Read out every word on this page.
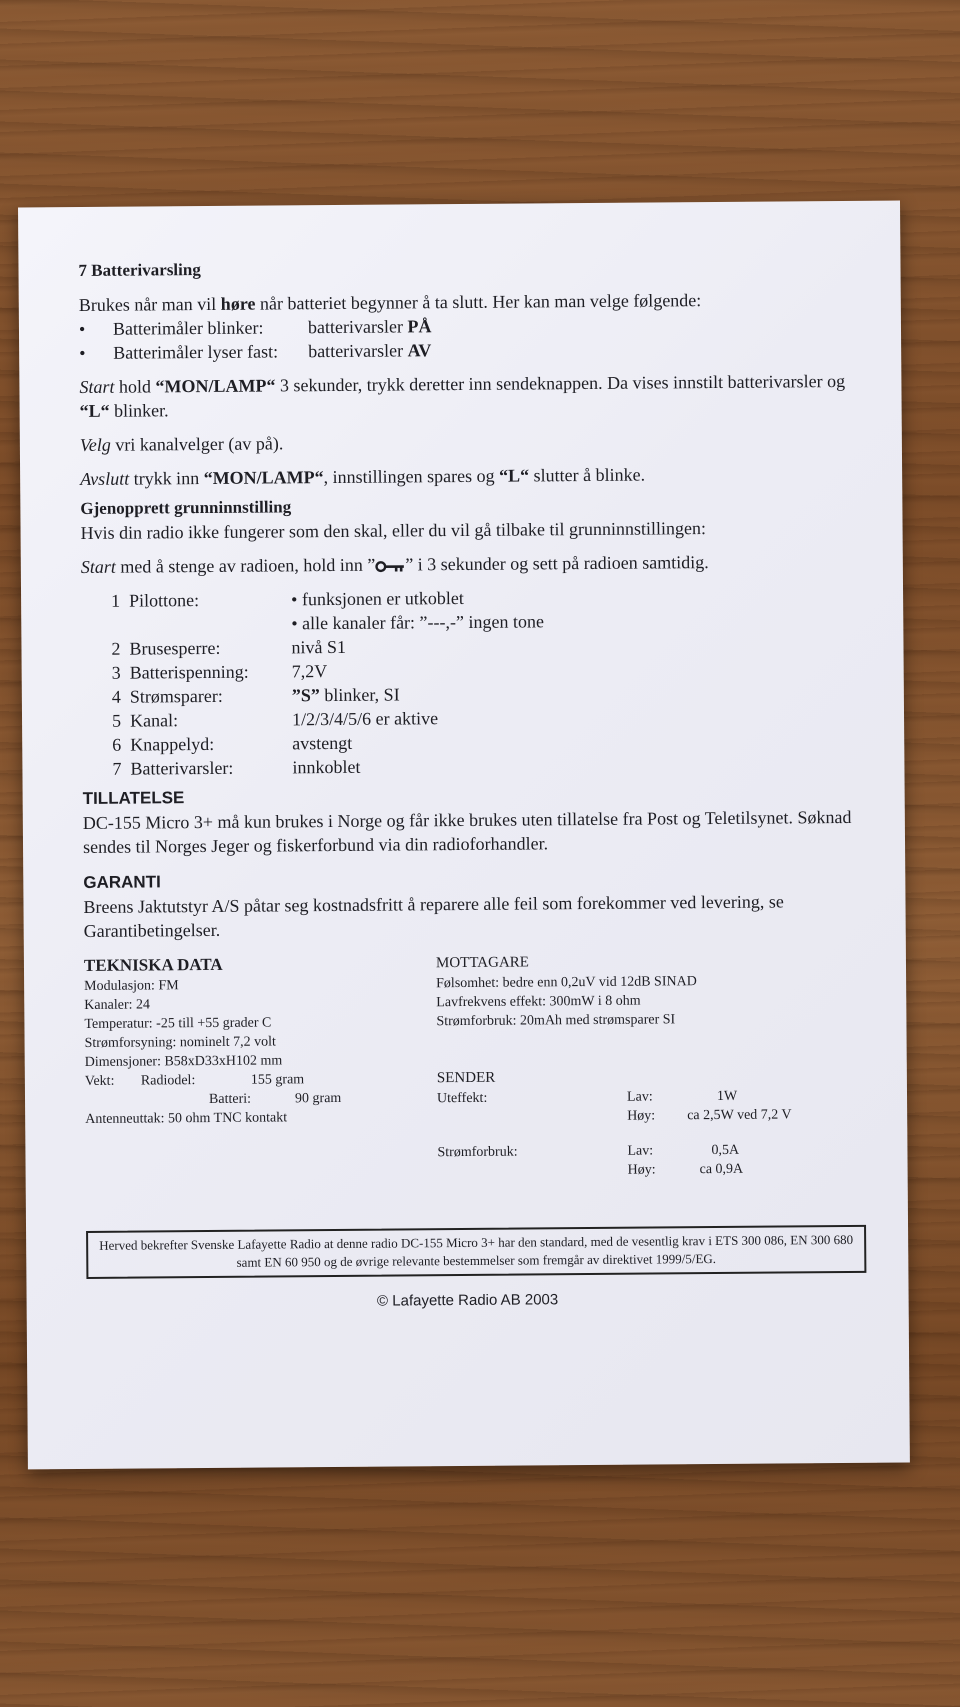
7 Batterivarsling

Brukes når man vil høre når batteriet begynner å ta slutt. Her kan man velge følgende:

•	Batterimåler blinker:	batterivarsler PÅ
•	Batterimåler lyser fast:	batterivarsler AV

Start hold “MON/LAMP“ 3 sekunder, trykk deretter inn sendeknappen. Da vises innstilt batterivarsler og “L“ blinker.

Velg vri kanalvelger (av på).

Avslutt trykk inn “MON/LAMP“, innstillingen spares og “L“ slutter å blinke.

Gjenopprett grunninnstilling

Hvis din radio ikke fungerer som den skal, eller du vil gå tilbake til grunninnstillingen:

Start med å stenge av radioen, hold inn ” ” i 3 sekunder og sett på radioen samtidig.

1	Pilottone:	• funksjonen er utkoblet
		• alle kanaler får: ”---,-” ingen tone
2	Brusesperre:	nivå S1
3	Batterispenning:	7,2V
4	Strømsparer:	”S” blinker, SI
5	Kanal:	1/2/3/4/5/6 er aktive
6	Knappelyd:	avstengt
7	Batterivarsler:	innkoblet

TILLATELSE

DC-155 Micro 3+ må kun brukes i Norge og får ikke brukes uten tillatelse fra Post og Teletilsynet. Søknad sendes til Norges Jeger og fiskerforbund via din radioforhandler.

GARANTI

Breens Jaktutstyr A/S påtar seg kostnadsfritt å reparere alle feil som forekommer ved levering, se Garantibetingelser.

TEKNISKA DATA
Modulasjon: FM
Kanaler: 24
Temperatur: -25 till +55 grader C
Strømforsyning: nominelt 7,2 volt
Dimensjoner: B58xD33xH102 mm
Vekt:	Radiodel:	155 gram
Batteri:	90 gram
Antenneuttak: 50 ohm TNC kontakt
MOTTAGARE
Følsomhet: bedre enn 0,2uV vid 12dB SINAD
Lavfrekvens effekt: 300mW i 8 ohm
Strømforbruk: 20mAh med strømsparer SI
SENDER
Uteffekt:	Lav:	1W
Høy:	ca 2,5W ved 7,2 V
Strømforbruk:	Lav:	0,5A
Høy:	ca 0,9A
Herved bekrefter Svenske Lafayette Radio at denne radio DC-155 Micro 3+ har den standard, med de vesentlig krav i ETS 300 086, EN 300 680 samt EN 60 950 og de øvrige relevante bestemmelser som fremgår av direktivet 1999/5/EG.
© Lafayette Radio AB 2003
